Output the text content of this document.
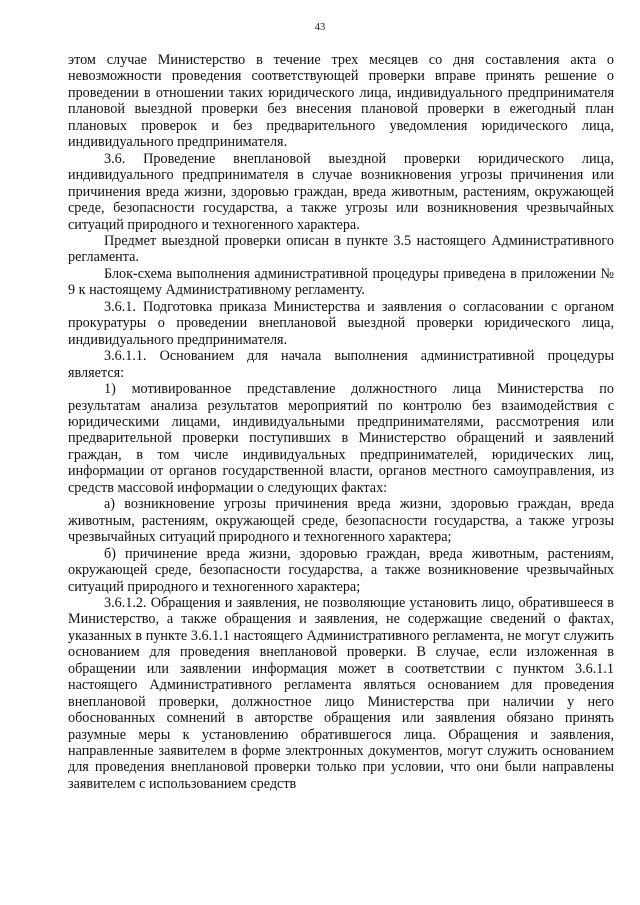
43

этом случае Министерство в течение трех месяцев со дня составления акта о невозможности проведения соответствующей проверки вправе принять решение о проведении в отношении таких юридического лица, индивидуального предпринимателя плановой выездной проверки без внесения плановой проверки в ежегодный план плановых проверок и без предварительного уведомления юридического лица, индивидуального предпринимателя.

3.6. Проведение внеплановой выездной проверки юридического лица, индивидуального предпринимателя в случае возникновения угрозы причинения или причинения вреда жизни, здоровью граждан, вреда животным, растениям, окружающей среде, безопасности государства, а также угрозы или возникновения чрезвычайных ситуаций природного и техногенного характера.

Предмет выездной проверки описан в пункте 3.5 настоящего Административного регламента.

Блок-схема выполнения административной процедуры приведена в приложении № 9 к настоящему Административному регламенту.

3.6.1. Подготовка приказа Министерства и заявления о согласовании с органом прокуратуры о проведении внеплановой выездной проверки юридического лица, индивидуального предпринимателя.

3.6.1.1. Основанием для начала выполнения административной процедуры является:

1) мотивированное представление должностного лица Министерства по результатам анализа результатов мероприятий по контролю без взаимодействия с юридическими лицами, индивидуальными предпринимателями, рассмотрения или предварительной проверки поступивших в Министерство обращений и заявлений граждан, в том числе индивидуальных предпринимателей, юридических лиц, информации от органов государственной власти, органов местного самоуправления, из средств массовой информации о следующих фактах:

а) возникновение угрозы причинения вреда жизни, здоровью граждан, вреда животным, растениям, окружающей среде, безопасности государства, а также угрозы чрезвычайных ситуаций природного и техногенного характера;

б) причинение вреда жизни, здоровью граждан, вреда животным, растениям, окружающей среде, безопасности государства, а также возникновение чрезвычайных ситуаций природного и техногенного характера;

3.6.1.2. Обращения и заявления, не позволяющие установить лицо, обратившееся в Министерство, а также обращения и заявления, не содержащие сведений о фактах, указанных в пункте 3.6.1.1 настоящего Административного регламента, не могут служить основанием для проведения внеплановой проверки. В случае, если изложенная в обращении или заявлении информация может в соответствии с пунктом 3.6.1.1 настоящего Административного регламента являться основанием для проведения внеплановой проверки, должностное лицо Министерства при наличии у него обоснованных сомнений в авторстве обращения или заявления обязано принять разумные меры к установлению обратившегося лица. Обращения и заявления, направленные заявителем в форме электронных документов, могут служить основанием для проведения внеплановой проверки только при условии, что они были направлены заявителем с использованием средств
